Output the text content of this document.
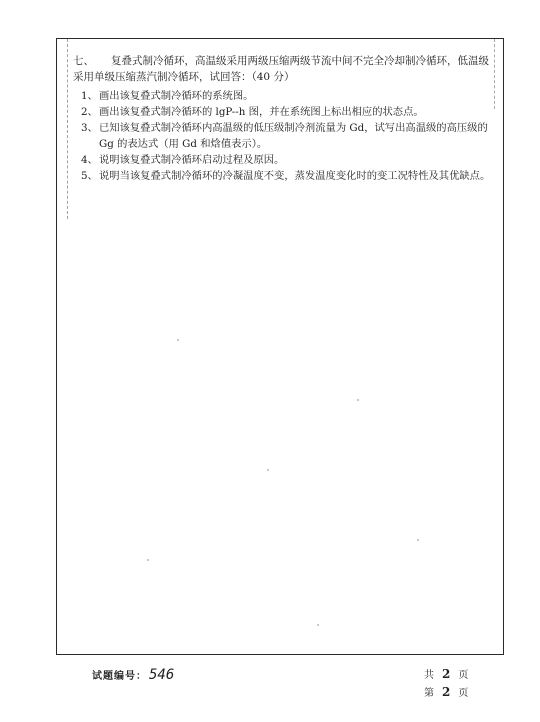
七、 复叠式制冷循环，高温级采用两级压缩两级节流中间不完全冷却制冷循环，低温级采用单级压缩蒸汽制冷循环，试回答：（40 分）
1、 画出该复叠式制冷循环的系统图。
2、 画出该复叠式制冷循环的 lgP--h 图，并在系统图上标出相应的状态点。
3、 已知该复叠式制冷循环内高温级的低压级制冷剂流量为 Gd，试写出高温级的高压级的 Gg 的表达式（用 Gd 和焓值表示）。
4、 说明该复叠式制冷循环启动过程及原因。
5、 说明当该复叠式制冷循环的冷凝温度不变，蒸发温度变化时的变工况特性及其优缺点。
试题编号： 546	共 2 页
第 2 页
